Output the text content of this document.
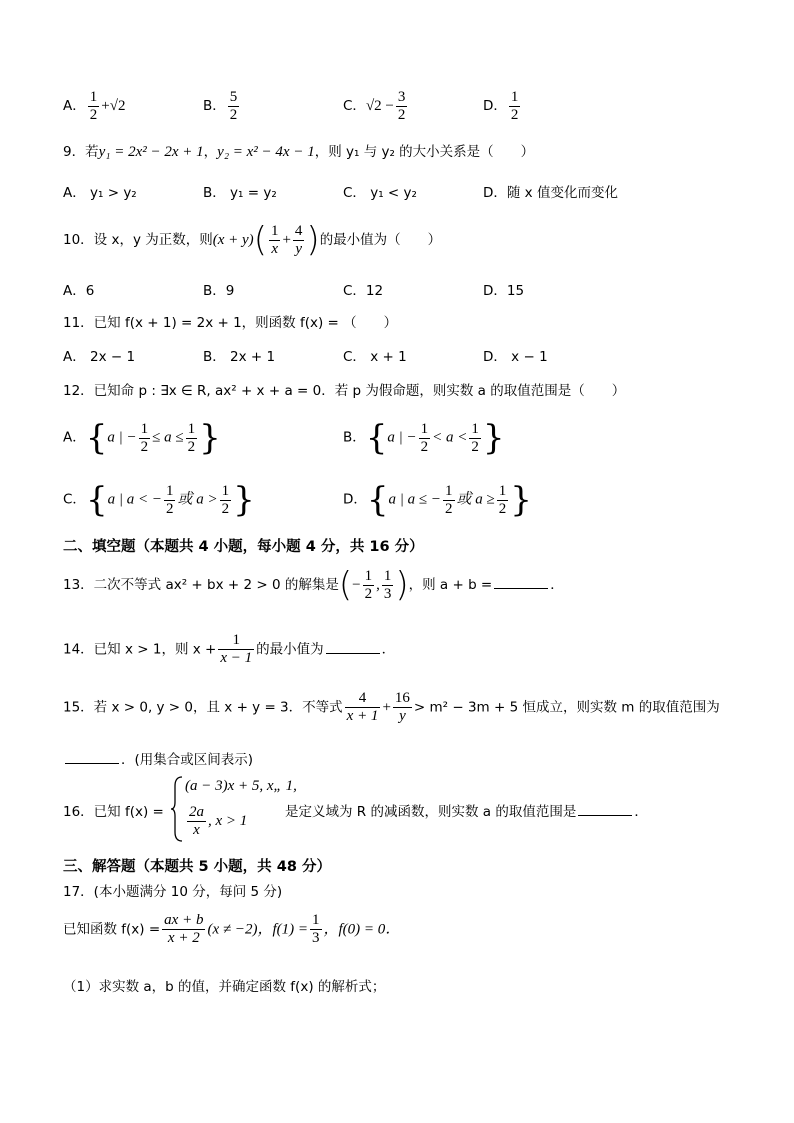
A． $\frac{1}{2} +√2$	B． $\frac{5}{2}$	C．$√2 - \frac{3}{2}$	D． $\frac{1}{2}$
9．若y₁ = 2x² − 2x + 1，y₂ = x² − 4x − 1，则 y₁ 与 y₂ 的大小关系是（　　）
A． y₁ > y₂	B． y₁ = y₂	C． y₁ < y₂	D．随 x 值变化而变化
10．设 x，y 为正数，则$(x + y)( \frac{1}{x} + \frac{4}{y}$ )的最小值为（　　）
A．6	B．9	C．12	D．15
11．已知 f(x + 1) = 2x + 1，则函数 f(x) = （　　）
A． 2x − 1	B． 2x + 1	C． x + 1	D． x − 1
12．已知命 p : ∃x ∈ R, ax² + x + a = 0．若 p 为假命题，则实数 a 的取值范围是（　　）
A．{a | − $\frac{1}{2} \le a \le \frac{1}{2}$ }	B．{a | − $\frac{1}{2} < a < \frac{1}{2}$ }
C．{a | a < − $\frac{1}{2}$ 或 $a > \frac{1}{2}$ }	D．{a | a ≤ − $\frac{1}{2}$ 或 $a \ge \frac{1}{2}$ }
二、填空题（本题共 4 小题，每小题 4 分，共 16 分）
13．二次不等式 ax² + bx + 2 > 0 的解集是(− $\frac{1}{2}$ , $\frac{1}{3}$ )，则 a + b =	．
14．已知 x > 1，则 $x + \frac{1}{x - 1}$ 的最小值为	．
15．若 x > 0, y > 0，且 x + y = 3．不等式 $\frac{4}{x + 1} + \frac{16}{y} > m^2 - 3m + 5$ 恒成立，则实数 m 的取值范围为
．(用集合或区间表示)
16．已知 f(x) =
(a − 3)x + 5, x„ 1,
$\frac{2a}{x}$ , x > 1
是定义域为 R 的减函数，则实数 a 的取值范围是	．
三、解答题（本题共 5 小题，共 48 分）
17．(本小题满分 10 分，每问 5 分)
已知函数 $f(x) = \frac{ax + b}{x + 2} (x \ne -2)$，$f(1) = \frac{1}{3}$ ，f(0) = 0．
（1）求实数 a，b 的值，并确定函数 f(x) 的解析式；
